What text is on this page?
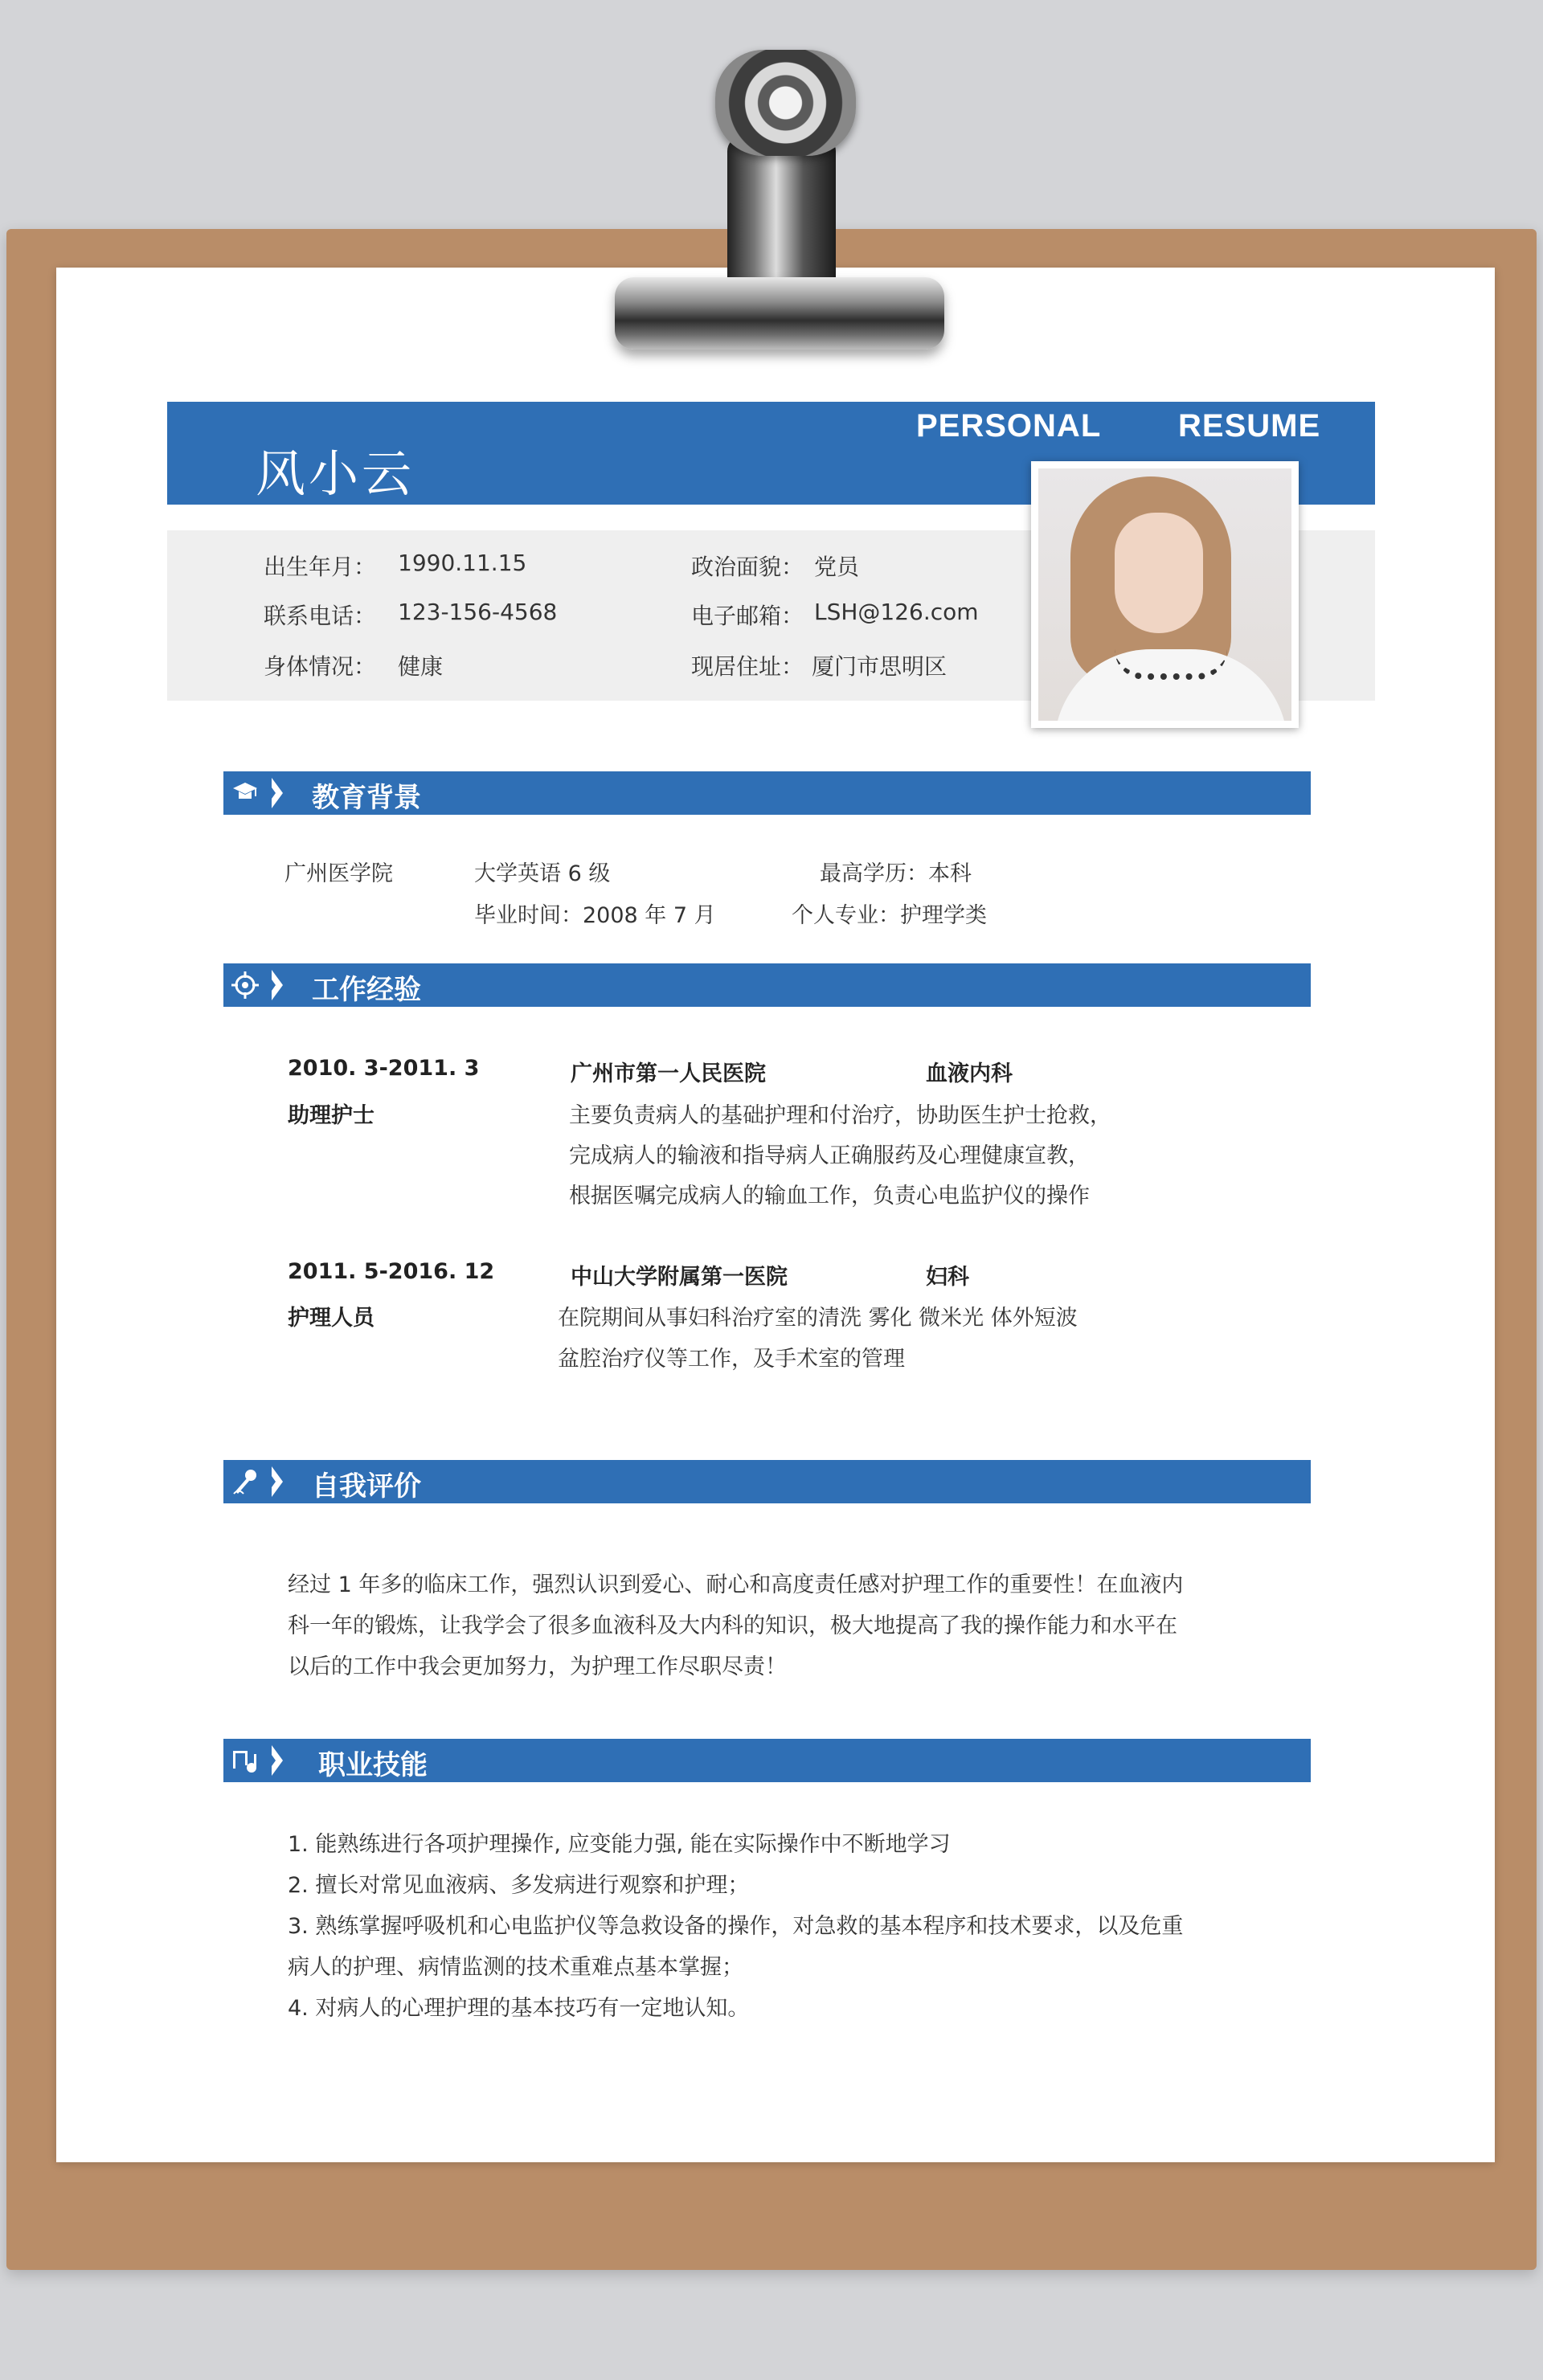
风小云
PERSONAL RESUME
出生年月： 1990.11.15	政治面貌： 党员
联系电话： 123-156-4568	电子邮箱： LSH@126.com
身体情况： 健康	现居住址： 厦门市思明区
教育背景
广州医学院	大学英语 6 级	最高学历：本科
毕业时间：2008 年 7 月	个人专业：护理学类
工作经验
2010. 3-2011. 3	广州市第一人民医院	血液内科
助理护士	主要负责病人的基础护理和付治疗，协助医生护士抢救，
完成病人的输液和指导病人正确服药及心理健康宣教，
根据医嘱完成病人的输血工作，负责心电监护仪的操作
2011. 5-2016. 12	中山大学附属第一医院	妇科
护理人员	在院期间从事妇科治疗室的清洗 雾化 微米光 体外短波
盆腔治疗仪等工作，及手术室的管理
自我评价
经过 1 年多的临床工作，强烈认识到爱心、耐心和高度责任感对护理工作的重要性！在血液内
科一年的锻炼，让我学会了很多血液科及大内科的知识，极大地提高了我的操作能力和水平在
以后的工作中我会更加努力，为护理工作尽职尽责！
职业技能
1. 能熟练进行各项护理操作, 应变能力强, 能在实际操作中不断地学习
2. 擅长对常见血液病、多发病进行观察和护理；
3. 熟练掌握呼吸机和心电监护仪等急救设备的操作，对急救的基本程序和技术要求，以及危重
病人的护理、病情监测的技术重难点基本掌握；
4. 对病人的心理护理的基本技巧有一定地认知。
